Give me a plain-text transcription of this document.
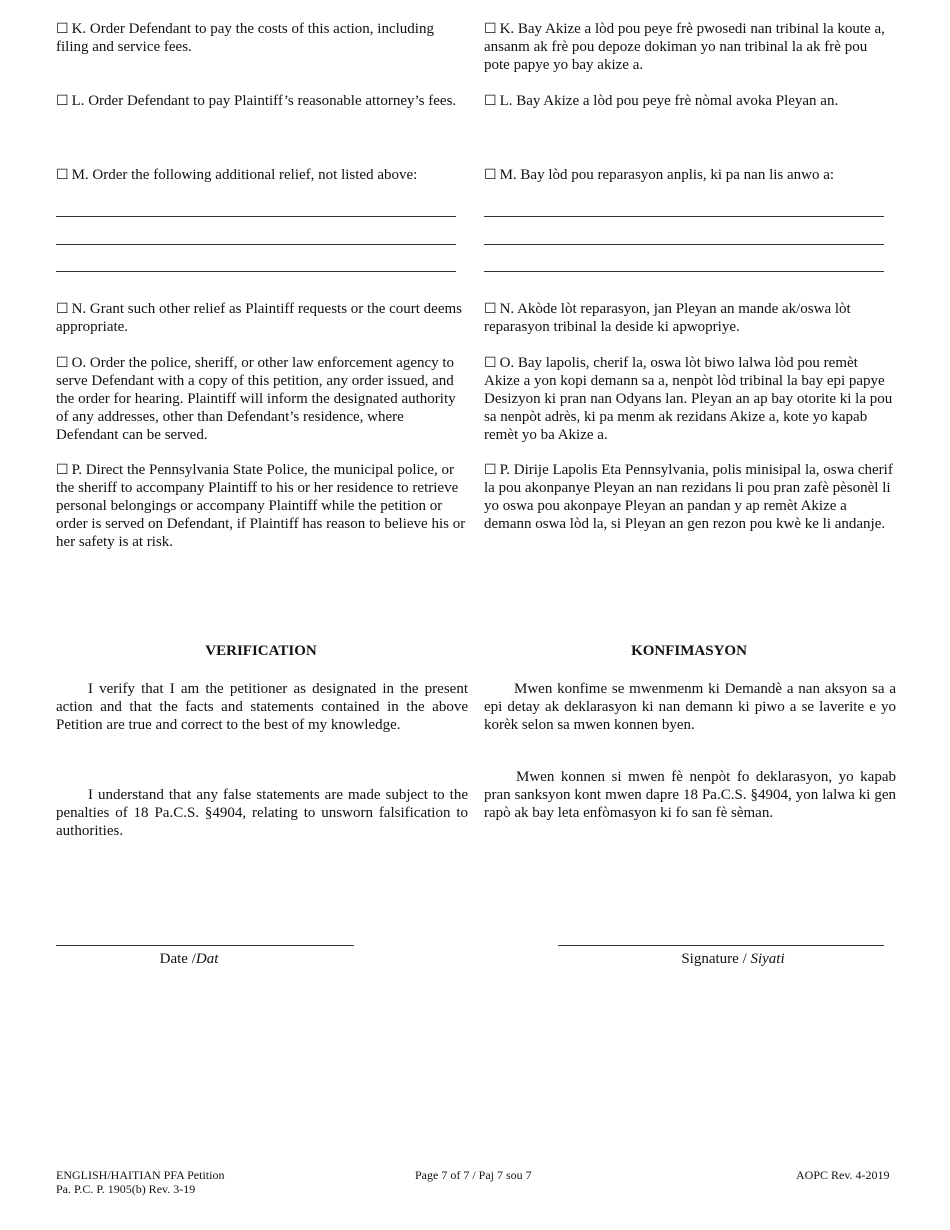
☐ K. Order Defendant to pay the costs of this action, including filing and service fees.
☐ L. Order Defendant to pay Plaintiff’s reasonable attorney’s fees.
☐ M. Order the following additional relief, not listed above:
☐ N. Grant such other relief as Plaintiff requests or the court deems appropriate.
☐ O. Order the police, sheriff, or other law enforcement agency to serve Defendant with a copy of this petition, any order issued, and the order for hearing. Plaintiff will inform the designated authority of any addresses, other than Defendant’s residence, where Defendant can be served.
☐ P. Direct the Pennsylvania State Police, the municipal police, or the sheriff to accompany Plaintiff to his or her residence to retrieve personal belongings or accompany Plaintiff while the petition or order is served on Defendant, if Plaintiff has reason to believe his or her safety is at risk.
☐ K. Bay Akize a lòd pou peye frè pwosedi nan tribinal la koute a, ansanm ak frè pou depoze dokiman yo nan tribinal la ak frè pou pote papye yo bay akize a.
☐ L. Bay Akize a lòd pou peye frè nòmal avoka Pleyan an.
☐ M. Bay lòd pou reparasyon anplis, ki pa nan lis anwo a:
☐ N. Akòde lòt reparasyon, jan Pleyan an mande ak/oswa lòt reparasyon tribinal la deside ki apwopriye.
☐ O. Bay lapolis, cherif la, oswa lòt biwo lalwa lòd pou remèt Akize a yon kopi demann sa a, nenpòt lòd tribinal la bay epi papye Desizyon ki pran nan Odyans lan. Pleyan an ap bay otorite ki la pou sa nenpòt adrès, ki pa menm ak rezidans Akize a, kote yo kapab remèt yo ba Akize a.
☐ P. Dirije Lapolis Eta Pennsylvania, polis minisipal la, oswa cherif la pou akonpanye Pleyan an nan rezidans li pou pran zafè pèsonèl li yo oswa pou akonpaye Pleyan an pandan y ap remèt Akize a demann oswa lòd la, si Pleyan an gen rezon pou kwè ke li andanje.
VERIFICATION	KONFIMASYON
I verify that I am the petitioner as designated in the present action and that the facts and statements contained in the above Petition are true and correct to the best of my knowledge.
I understand that any false statements are made subject to the penalties of 18 Pa.C.S. §4904, relating to unsworn falsification to authorities.
Mwen konfime se mwenmenm ki Demandè a nan aksyon sa a epi detay ak deklarasyon ki nan demann ki piwo a se laverite e yo korèk selon sa mwen konnen byen.
Mwen konnen si mwen fè nenpòt fo deklarasyon, yo kapab pran sanksyon kont mwen dapre 18 Pa.C.S. §4904, yon lalwa ki gen rapò ak bay leta enfòmasyon ki fo san fè sèman.
Date /Dat	Signature / Siyati
ENGLISH/HAITIAN PFA Petition
Pa. P.C. P. 1905(b) Rev. 3-19
Page 7 of 7 / Paj 7 sou 7	AOPC Rev. 4-2019
